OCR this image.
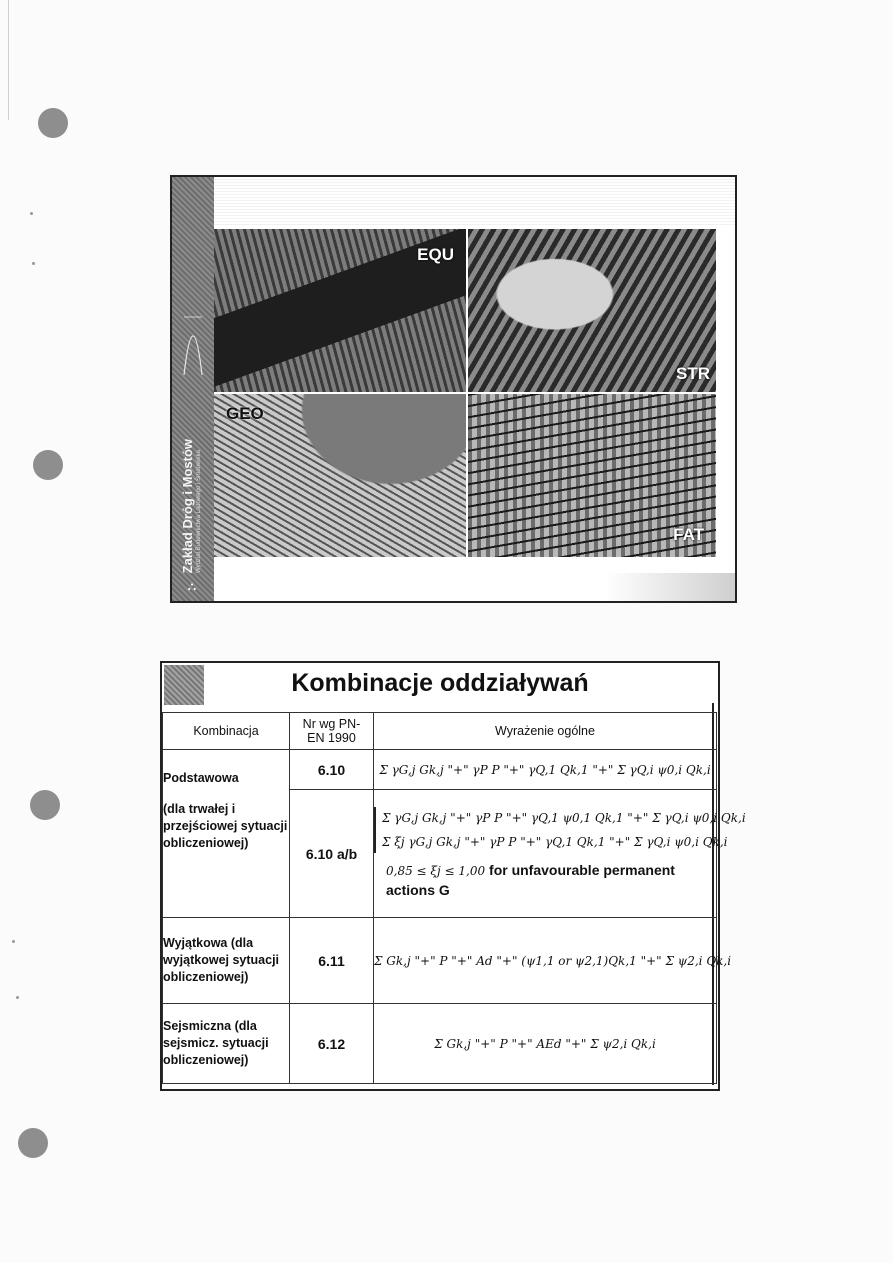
Zakład Dróg i Mostów Wydział Budownictwa Lądowego i Środowiska
⛬
EQU
STR
GEO
FAT
Kombinacje oddziaływań
Kombinacja	Nr wg PN-EN 1990	Wyrażenie ogólne

Podstawowa
(dla trwałej i przejściowej sytuacji obliczeniowej)	6.10	Σ γG,j Gk,j "+" γP P "+" γQ,1 Qk,1 "+" Σ γQ,i ψ0,i Qk,i
	6.10 a/b	Σ γG,j Gk,j "+" γP P "+" γQ,1 ψ0,1 Qk,1 "+" Σ γQ,i ψ0,i Qk,i
Σ ξj γG,j Gk,j "+" γP P "+" γQ,1 Qk,1 "+" Σ γQ,i ψ0,i Qk,i
0,85 ≤ ξj ≤ 1,00 for unfavourable permanent actions G

Wyjątkowa (dla wyjątkowej sytuacji obliczeniowej)	6.11	Σ Gk,j "+" P "+" Ad "+" (ψ1,1 or ψ2,1)Qk,1 "+" Σ ψ2,i Qk,i
Sejsmiczna (dla sejsmicz. sytuacji obliczeniowej)	6.12	Σ Gk,j "+" P "+" AEd "+" Σ ψ2,i Qk,i
